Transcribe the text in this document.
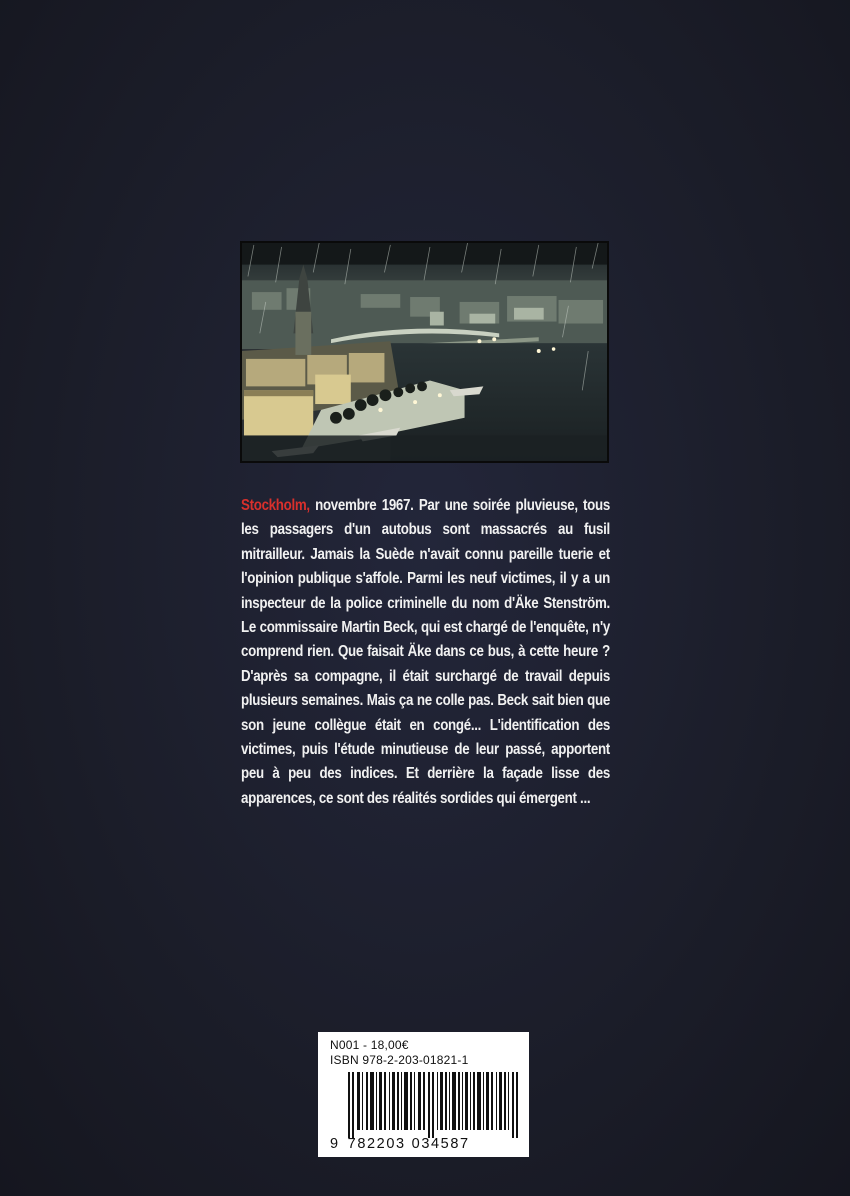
Stockholm, novembre 1967. Par une soirée pluvieuse, tous les passagers d'un autobus sont massacrés au fusil mitrailleur. Jamais la Suède n'avait connu pareille tuerie et l'opinion publique s'affole. Parmi les neuf victimes, il y a un inspecteur de la police criminelle du nom d'Äke Stenström. Le commissaire Martin Beck, qui est chargé de l'enquête, n'y comprend rien. Que faisait Äke dans ce bus, à cette heure ? D'après sa compagne, il était surchargé de travail depuis plusieurs semaines. Mais ça ne colle pas. Beck sait bien que son jeune collègue était en congé... L'identification des victimes, puis l'étude minutieuse de leur passé, apportent peu à peu des indices. Et derrière la façade lisse des apparences, ce sont des réalités sordides qui émergent ...
N001 - 18,00€
ISBN 978-2-203-01821-1
9 782203 034587
